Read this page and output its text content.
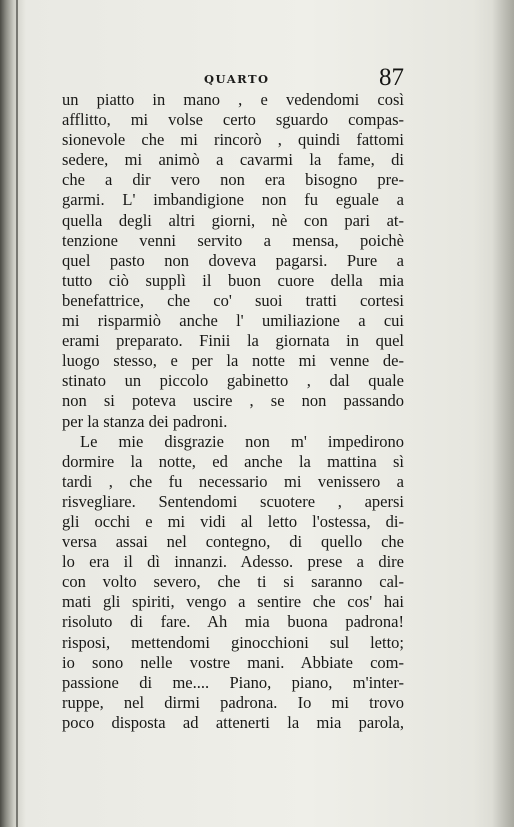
QUARTO	87
un piatto in mano , e vedendomi così
afflitto, mi volse certo sguardo compas-
sionevole che mi rincorò , quindi fattomi
sedere, mi animò a cavarmi la fame, di
che a dir vero non era bisogno pre-
garmi. L' imbandigione non fu eguale a
quella degli altri giorni, nè con pari at-
tenzione venni servito a mensa, poichè
quel pasto non doveva pagarsi. Pure a
tutto ciò supplì il buon cuore della mia
benefattrice, che co' suoi tratti cortesi
mi risparmiò anche l' umiliazione a cui
erami preparato. Finii la giornata in quel
luogo stesso, e per la notte mi venne de-
stinato un piccolo gabinetto , dal quale
non si poteva uscire , se non passando
per la stanza dei padroni.
Le mie disgrazie non m' impedirono
dormire la notte, ed anche la mattina sì
tardi , che fu necessario mi venissero a
risvegliare. Sentendomi scuotere , apersi
gli occhi e mi vidi al letto l'ostessa, di-
versa assai nel contegno, di quello che
lo era il dì innanzi. Adesso. prese a dire
con volto severo, che ti si saranno cal-
mati gli spiriti, vengo a sentire che cos' hai
risoluto di fare. Ah mia buona padrona!
risposi, mettendomi ginocchioni sul letto;
io sono nelle vostre mani. Abbiate com-
passione di me.... Piano, piano, m'inter-
ruppe, nel dirmi padrona. Io mi trovo
poco disposta ad attenerti la mia parola,
